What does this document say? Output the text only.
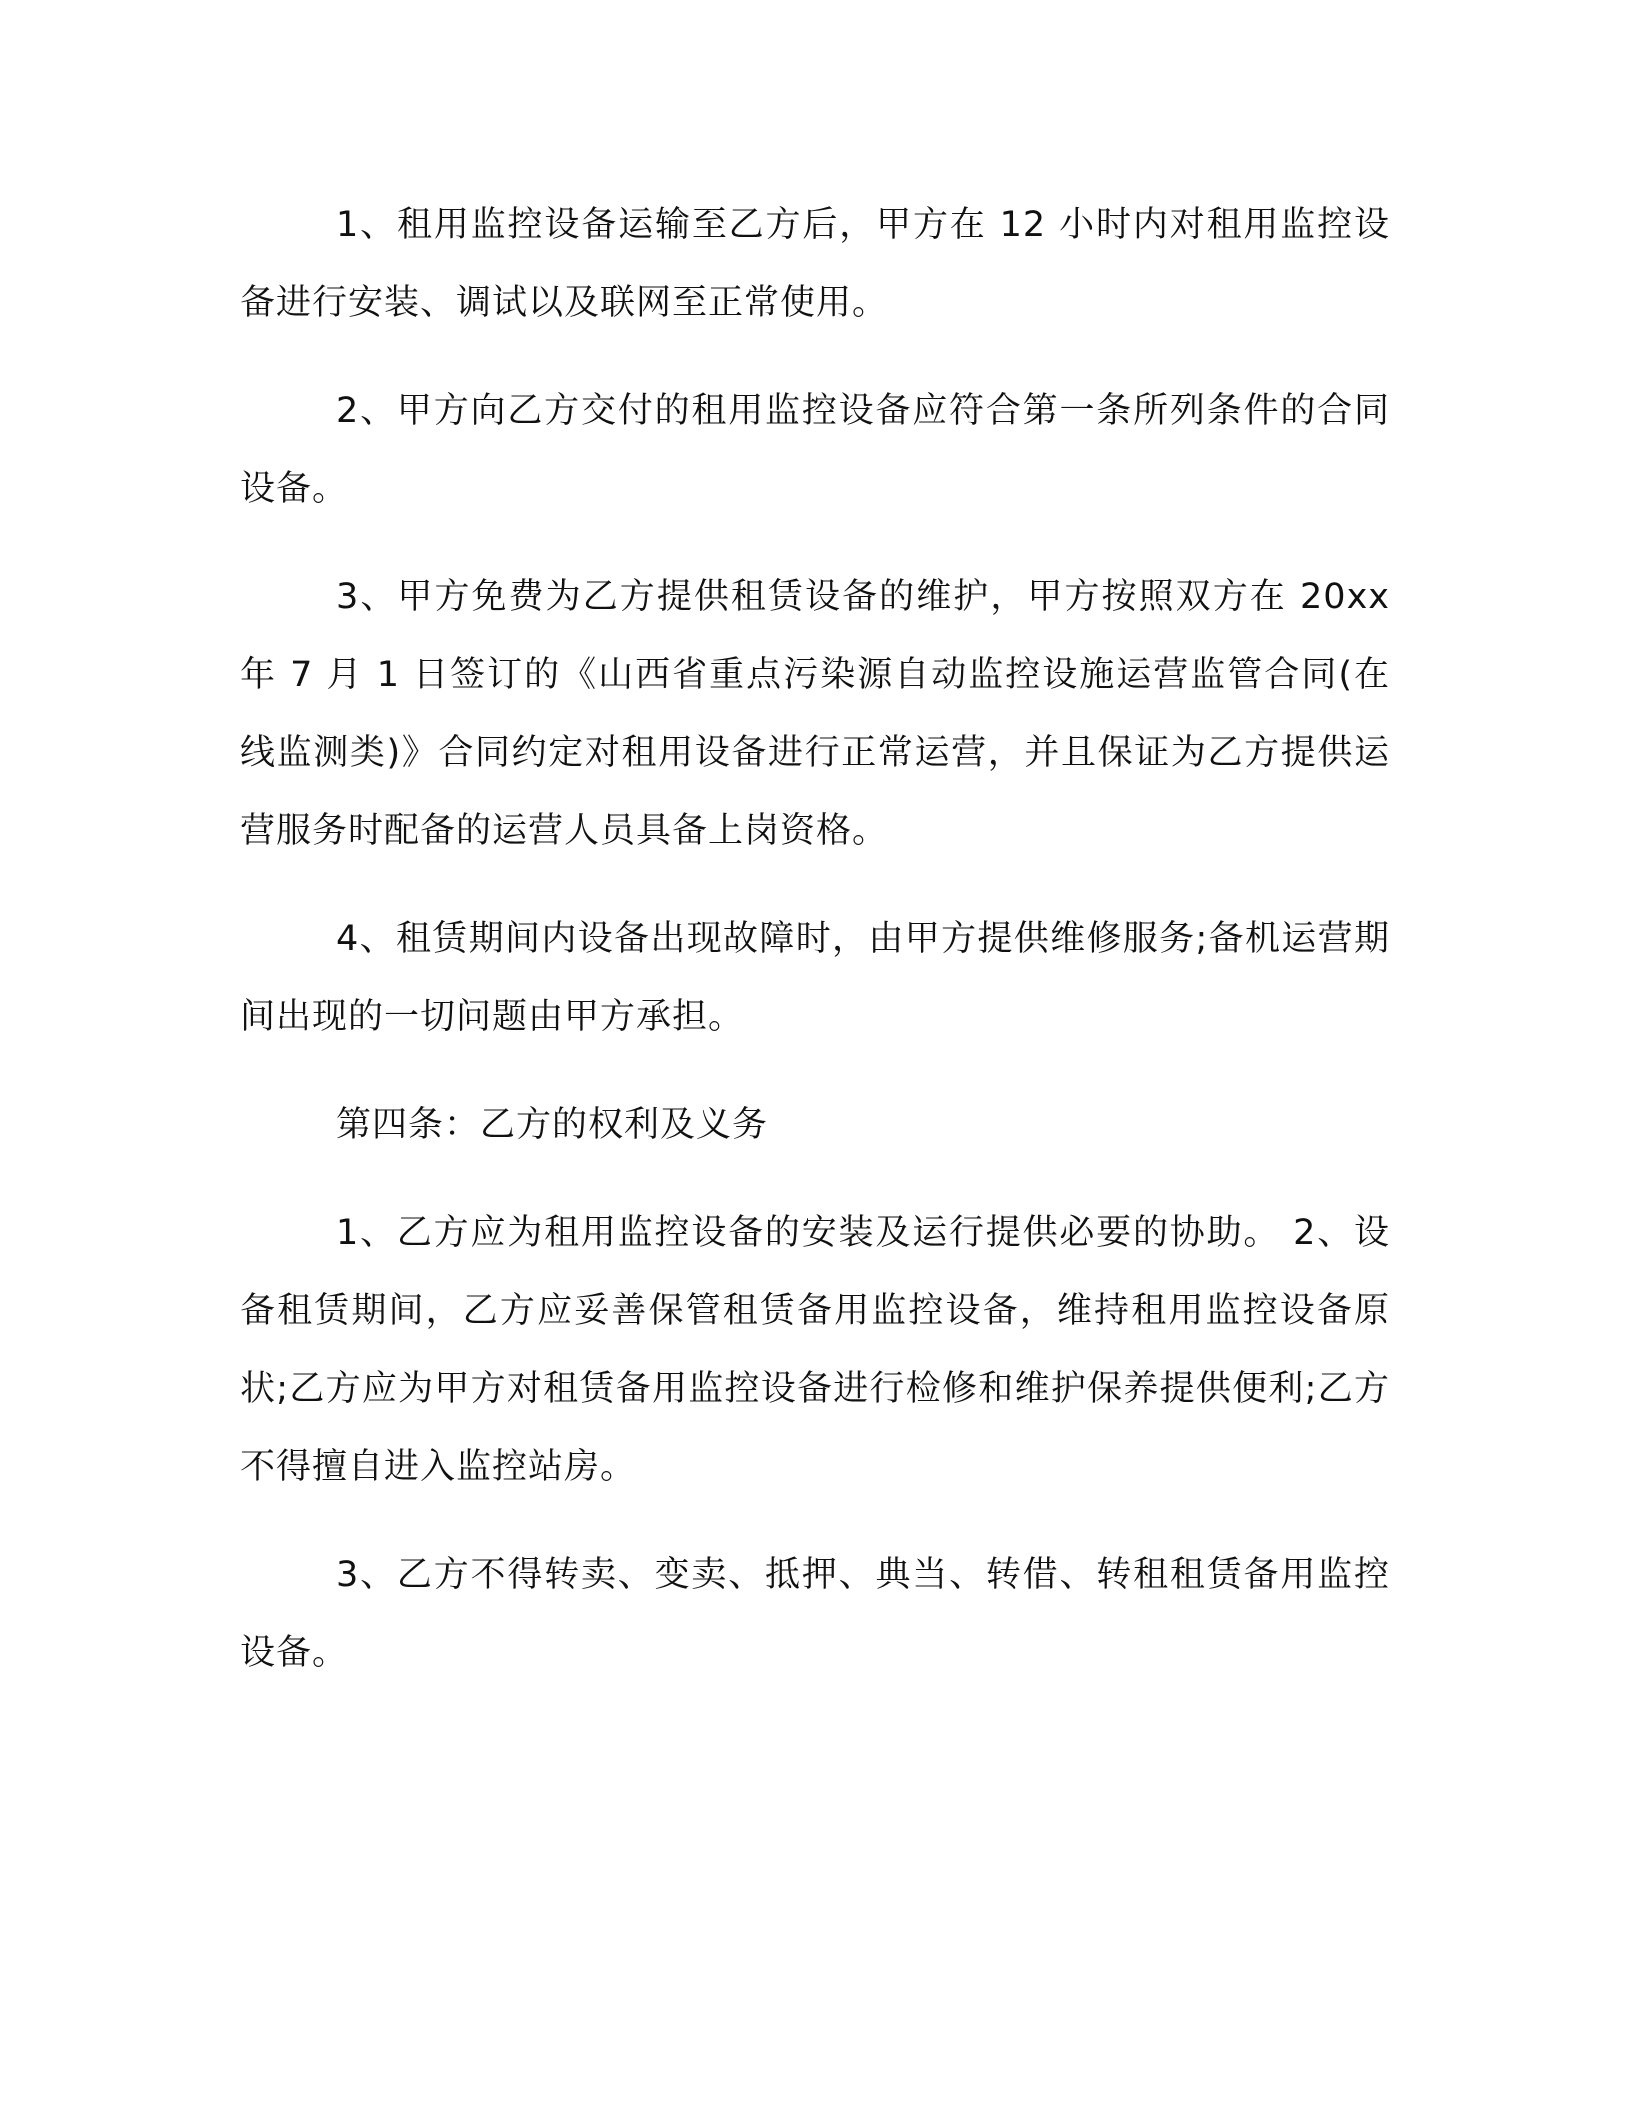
1、租用监控设备运输至乙方后，甲方在 12 小时内对租用监控设备进行安装、调试以及联网至正常使用。

2、甲方向乙方交付的租用监控设备应符合第一条所列条件的合同设备。

3、甲方免费为乙方提供租赁设备的维护，甲方按照双方在 20xx 年 7 月 1 日签订的《山西省重点污染源自动监控设施运营监管合同(在线监测类)》合同约定对租用设备进行正常运营，并且保证为乙方提供运营服务时配备的运营人员具备上岗资格。

4、租赁期间内设备出现故障时，由甲方提供维修服务;备机运营期间出现的一切问题由甲方承担。

第四条：乙方的权利及义务

1、乙方应为租用监控设备的安装及运行提供必要的协助。 2、设备租赁期间，乙方应妥善保管租赁备用监控设备，维持租用监控设备原状;乙方应为甲方对租赁备用监控设备进行检修和维护保养提供便利;乙方不得擅自进入监控站房。

3、乙方不得转卖、变卖、抵押、典当、转借、转租租赁备用监控设备。
